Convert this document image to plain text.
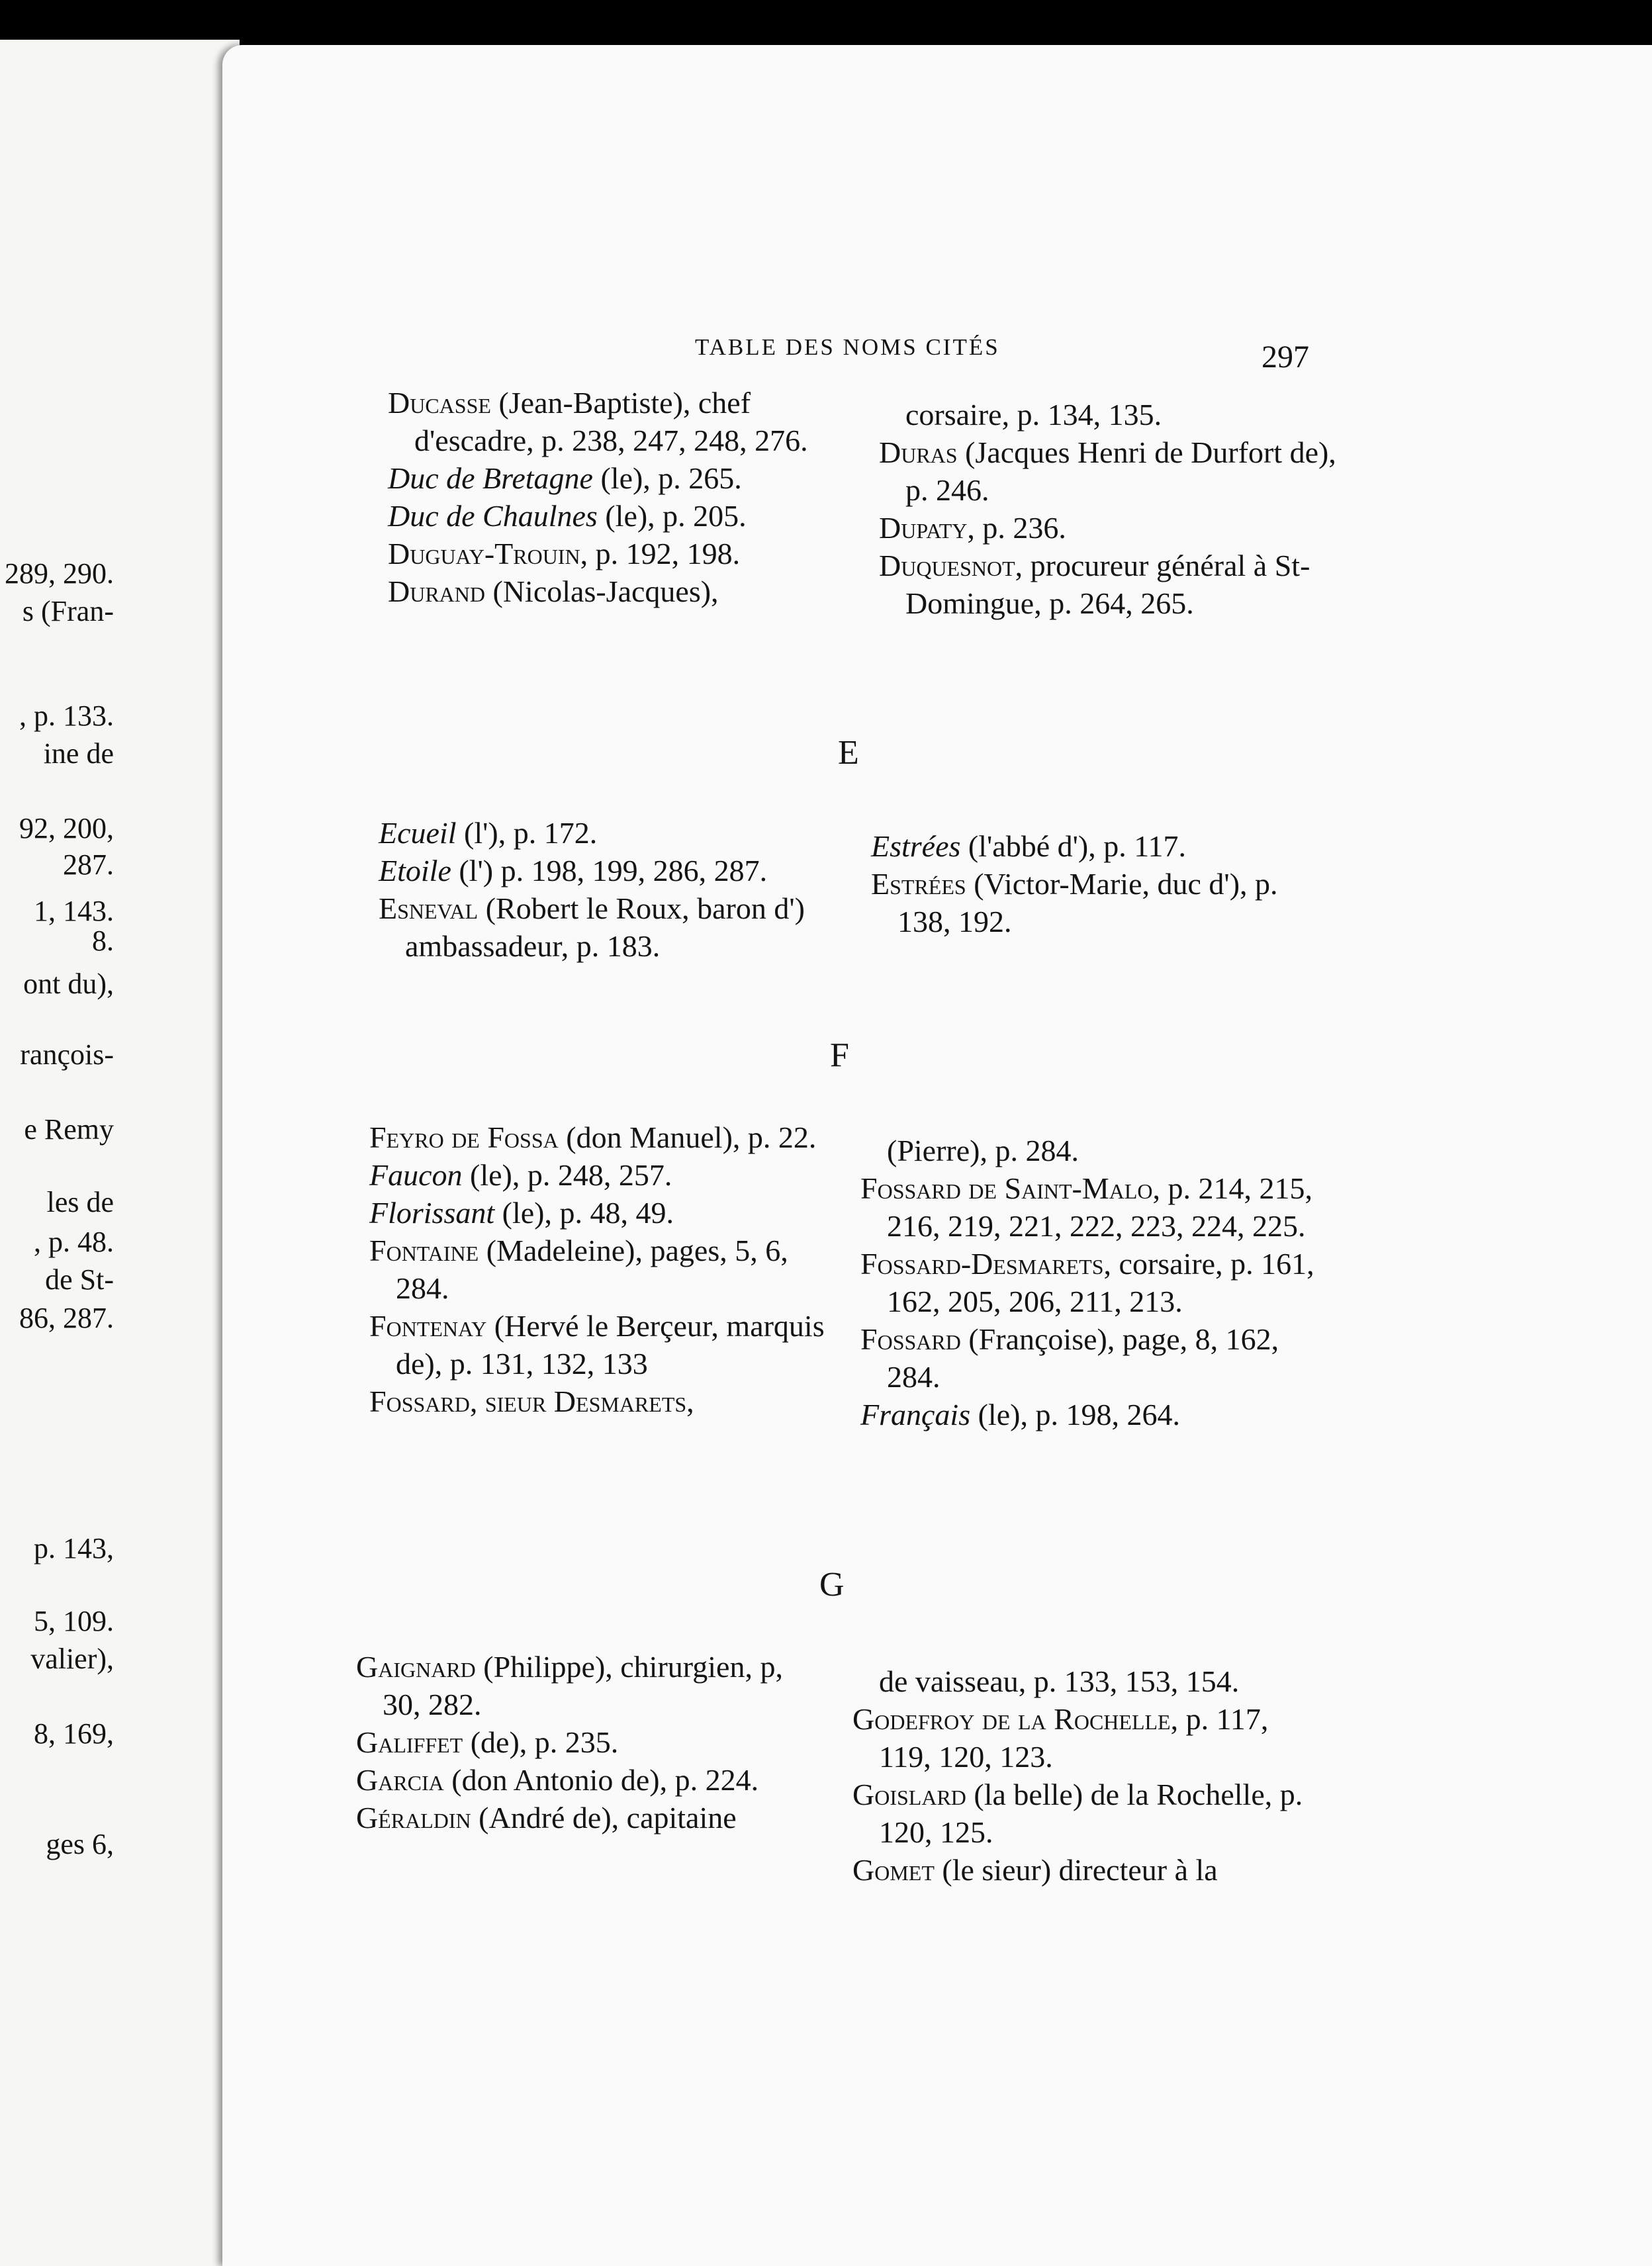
289, 290.
s (Fran-
, p. 133.
ine de
92, 200,
287.
1, 143.
8.
ont du),
rançois-
e Remy
les de
, p. 48.
de St-
86, 287.
p. 143,
5, 109.
valier),
8, 169,
ges 6,
TABLE DES NOMS CITÉS	297

Ducasse (Jean-Baptiste), chef d'escadre, p. 238, 247, 248, 276.

Duc de Bretagne (le), p. 265.

Duc de Chaulnes (le), p. 205.

Duguay-Trouin, p. 192, 198.

Durand (Nicolas-Jacques),

corsaire, p. 134, 135.

Duras (Jacques Henri de Durfort de), p. 246.

Dupaty, p. 236.

Duquesnot, procureur général à St-Domingue, p. 264, 265.

E

Ecueil (l'), p. 172.

Etoile (l') p. 198, 199, 286, 287.

Esneval (Robert le Roux, baron d') ambassadeur, p. 183.

Estrées (l'abbé d'), p. 117.

Estrées (Victor-Marie, duc d'), p. 138, 192.

F

Feyro de Fossa (don Manuel), p. 22.

Faucon (le), p. 248, 257.

Florissant (le), p. 48, 49.

Fontaine (Madeleine), pages, 5, 6, 284.

Fontenay (Hervé le Berçeur, marquis de), p. 131, 132, 133

Fossard, sieur Desmarets,

(Pierre), p. 284.

Fossard de Saint-Malo, p. 214, 215, 216, 219, 221, 222, 223, 224, 225.

Fossard-Desmarets, corsaire, p. 161, 162, 205, 206, 211, 213.

Fossard (Françoise), page, 8, 162, 284.

Français (le), p. 198, 264.

G

Gaignard (Philippe), chirurgien, p, 30, 282.

Galiffet (de), p. 235.

Garcia (don Antonio de), p. 224.

Géraldin (André de), capitaine

de vaisseau, p. 133, 153, 154.

Godefroy de la Rochelle, p. 117, 119, 120, 123.

Goislard (la belle) de la Rochelle, p. 120, 125.

Gomet (le sieur) directeur à la
